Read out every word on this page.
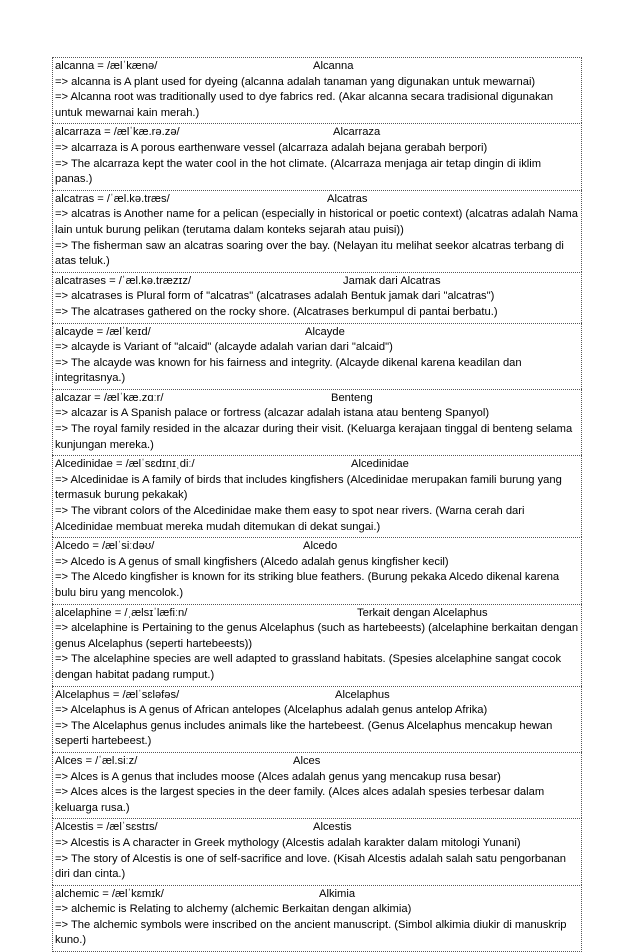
alcanna = /ælˈkænə/	Alcanna
=> alcanna is A plant used for dyeing (alcanna adalah tanaman yang digunakan untuk mewarnai)
=> Alcanna root was traditionally used to dye fabrics red. (Akar alcanna secara tradisional digunakan untuk mewarnai kain merah.)
alcarraza = /ælˈkæ.rə.zə/	Alcarraza
=> alcarraza is A porous earthenware vessel (alcarraza adalah bejana gerabah berpori)
=> The alcarraza kept the water cool in the hot climate. (Alcarraza menjaga air tetap dingin di iklim panas.)
alcatras = /ˈæl.kə.træs/	Alcatras
=> alcatras is Another name for a pelican (especially in historical or poetic context) (alcatras adalah Nama lain untuk burung pelikan (terutama dalam konteks sejarah atau puisi))
=> The fisherman saw an alcatras soaring over the bay. (Nelayan itu melihat seekor alcatras terbang di atas teluk.)
alcatrases = /ˈæl.kə.træzɪz/	Jamak dari Alcatras
=> alcatrases is Plural form of "alcatras" (alcatrases adalah Bentuk jamak dari "alcatras")
=> The alcatrases gathered on the rocky shore. (Alcatrases berkumpul di pantai berbatu.)
alcayde = /ælˈkeɪd/	Alcayde
=> alcayde is Variant of "alcaid" (alcayde adalah varian dari "alcaid")
=> The alcayde was known for his fairness and integrity. (Alcayde dikenal karena keadilan dan integritasnya.)
alcazar = /ælˈkæ.zɑːr/	Benteng
=> alcazar is A Spanish palace or fortress (alcazar adalah istana atau benteng Spanyol)
=> The royal family resided in the alcazar during their visit. (Keluarga kerajaan tinggal di benteng selama kunjungan mereka.)
Alcedinidae = /ælˈsɛdɪnɪˌdiː/	Alcedinidae
=> Alcedinidae is A family of birds that includes kingfishers (Alcedinidae merupakan famili burung yang termasuk burung pekakak)
=> The vibrant colors of the Alcedinidae make them easy to spot near rivers. (Warna cerah dari Alcedinidae membuat mereka mudah ditemukan di dekat sungai.)
Alcedo = /ælˈsiːdəʊ/	Alcedo
=> Alcedo is A genus of small kingfishers (Alcedo adalah genus kingfisher kecil)
=> The Alcedo kingfisher is known for its striking blue feathers. (Burung pekaka Alcedo dikenal karena bulu biru yang mencolok.)
alcelaphine = /ˌælsɪˈlæfiːn/	Terkait dengan Alcelaphus
=> alcelaphine is Pertaining to the genus Alcelaphus (such as hartebeests) (alcelaphine berkaitan dengan genus Alcelaphus (seperti hartebeests))
=> The alcelaphine species are well adapted to grassland habitats. (Spesies alcelaphine sangat cocok dengan habitat padang rumput.)
Alcelaphus = /ælˈsɛləfəs/	Alcelaphus
=> Alcelaphus is A genus of African antelopes (Alcelaphus adalah genus antelop Afrika)
=> The Alcelaphus genus includes animals like the hartebeest. (Genus Alcelaphus mencakup hewan seperti hartebeest.)
Alces = /ˈæl.siːz/	Alces
=> Alces is A genus that includes moose (Alces adalah genus yang mencakup rusa besar)
=> Alces alces is the largest species in the deer family. (Alces alces adalah spesies terbesar dalam keluarga rusa.)
Alcestis = /ælˈsɛstɪs/	Alcestis
=> Alcestis is A character in Greek mythology (Alcestis adalah karakter dalam mitologi Yunani)
=> The story of Alcestis is one of self-sacrifice and love. (Kisah Alcestis adalah salah satu pengorbanan diri dan cinta.)
alchemic = /ælˈkɛmɪk/	Alkimia
=> alchemic is Relating to alchemy (alchemic Berkaitan dengan alkimia)
=> The alchemic symbols were inscribed on the ancient manuscript. (Simbol alkimia diukir di manuskrip kuno.)
